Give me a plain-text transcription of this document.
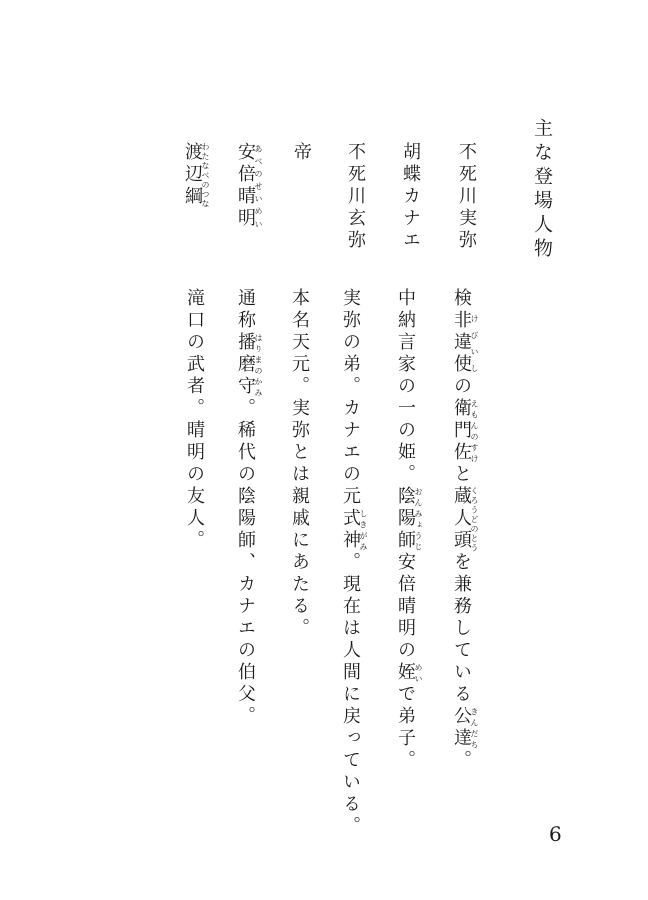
主な登場人物
不死川実弥
検非違使けびいしの衛門佐えもんのすけと蔵人頭くろうどのとうを兼務している公達きんだち。
胡蝶カナエ
中納言家の一の姫。陰陽師おんみょうじ安倍晴明の姪めいで弟子。
不死川玄弥
実弥の弟。カナエの元式神しきがみ。現在は人間に戻っている。
帝
本名天元。実弥とは親戚にあたる。
安倍晴明あべのせいめい
通称播磨守はりまのかみ。稀代の陰陽師、カナエの伯父。
渡辺綱わたなべのつな
滝口の武者。晴明の友人。
6
